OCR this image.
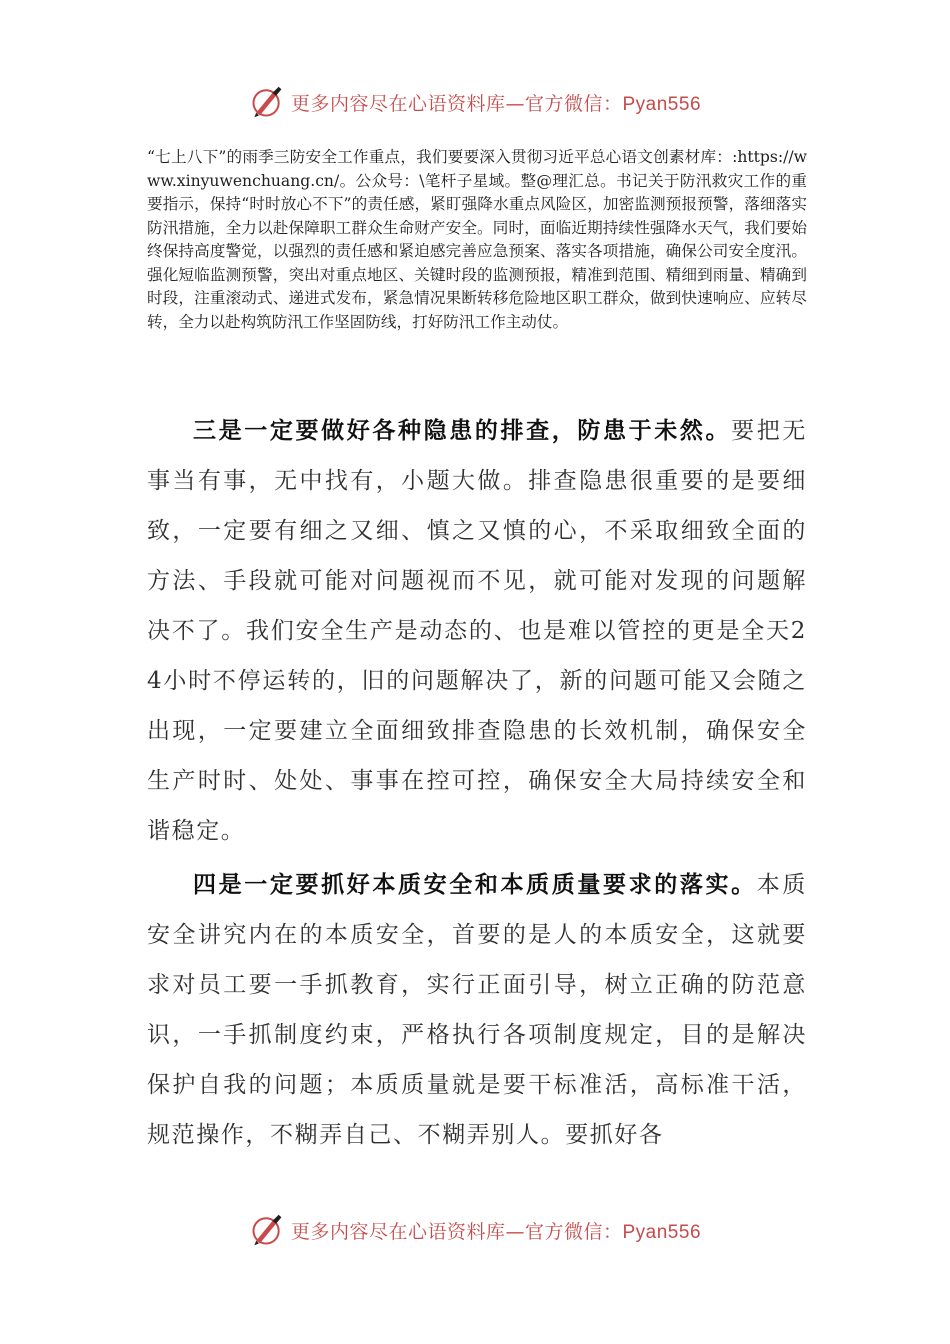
更多内容尽在心语资料库—官方微信：Pyan556

“七上八下”的雨季三防安全工作重点，我们要要深入贯彻习近平总心语文创素材库：:https://www.xinyuwenchuang.cn/。公众号：\笔杆子星域。整@理汇总。书记关于防汛救灾工作的重要指示，保持“时时放心不下”的责任感，紧盯强降水重点风险区，加密监测预报预警，落细落实防汛措施，全力以赴保障职工群众生命财产安全。同时，面临近期持续性强降水天气，我们要始终保持高度警觉，以强烈的责任感和紧迫感完善应急预案、落实各项措施，确保公司安全度汛。强化短临监测预警，突出对重点地区、关键时段的监测预报，精准到范围、精细到雨量、精确到时段，注重滚动式、递进式发布，紧急情况果断转移危险地区职工群众，做到快速响应、应转尽转，全力以赴构筑防汛工作坚固防线，打好防汛工作主动仗。

三是一定要做好各种隐患的排查，防患于未然。要把无事当有事，无中找有，小题大做。排查隐患很重要的是要细致，一定要有细之又细、慎之又慎的心，不采取细致全面的方法、手段就可能对问题视而不见，就可能对发现的问题解决不了。我们安全生产是动态的、也是难以管控的更是全天24小时不停运转的，旧的问题解决了，新的问题可能又会随之出现，一定要建立全面细致排查隐患的长效机制，确保安全生产时时、处处、事事在控可控，确保安全大局持续安全和谐稳定。

四是一定要抓好本质安全和本质质量要求的落实。本质安全讲究内在的本质安全，首要的是人的本质安全，这就要求对员工要一手抓教育，实行正面引导，树立正确的防范意识，一手抓制度约束，严格执行各项制度规定，目的是解决保护自我的问题；本质质量就是要干标准活，高标准干活，规范操作，不糊弄自己、不糊弄别人。要抓好各

更多内容尽在心语资料库—官方微信：Pyan556
